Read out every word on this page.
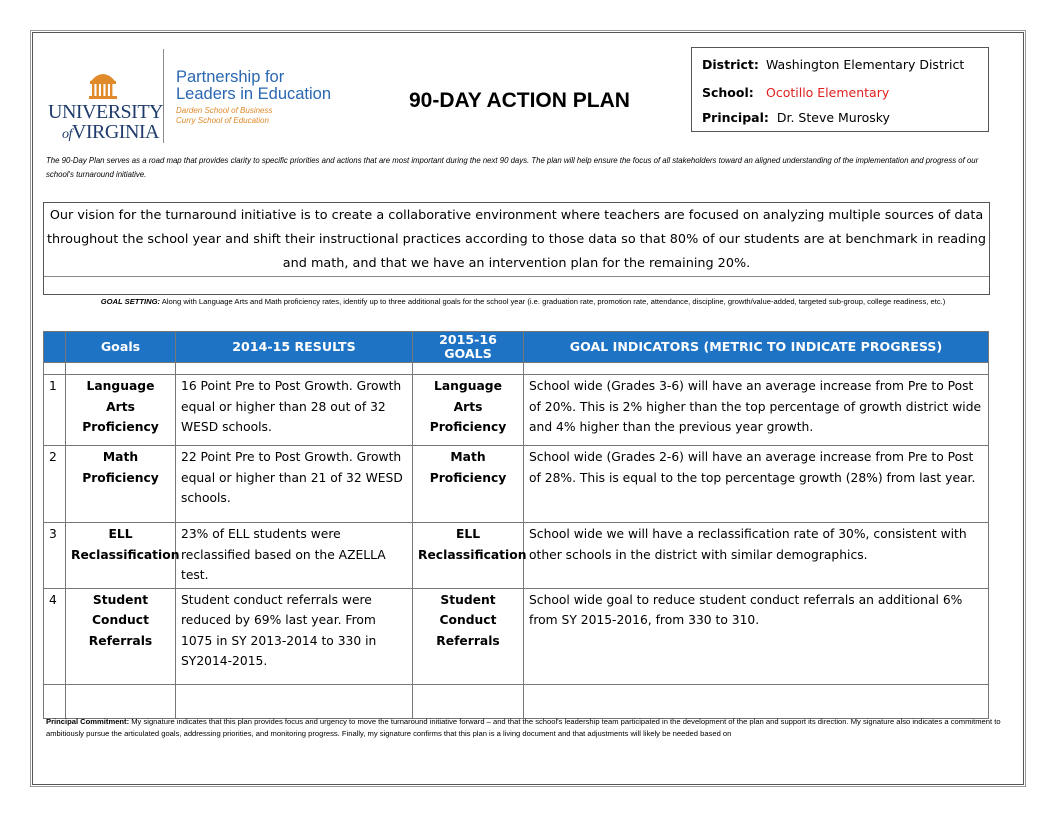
UNIVERSITY
ofVIRGINIA
Partnership for
Leaders in Education
Darden School of Business
Curry School of Education
90-DAY ACTION PLAN
District: Washington Elementary District
School: Ocotillo Elementary
Principal: Dr. Steve Murosky
The 90-Day Plan serves as a road map that provides clarity to specific priorities and actions that are most important during the next 90 days. The plan will help ensure the focus of all stakeholders toward an aligned understanding of the implementation and progress of our school's turnaround initiative.
Our vision for the turnaround initiative is to create a collaborative environment where teachers are focused on analyzing multiple sources of data throughout the school year and shift their instructional practices according to those data so that 80% of our students are at benchmark in reading and math, and that we have an intervention plan for the remaining 20%.
GOAL SETTING: Along with Language Arts and Math proficiency rates, identify up to three additional goals for the school year (i.e. graduation rate, promotion rate, attendance, discipline, growth/value-added, targeted sub-group, college readiness, etc.)
	Goals	2014-15 RESULTS	2015-16 GOALS	GOAL INDICATORS (METRIC TO INDICATE PROGRESS)

1	Language Arts Proficiency	16 Point Pre to Post Growth. Growth equal or higher than 28 out of 32 WESD schools.	Language Arts Proficiency	School wide (Grades 3-6) will have an average increase from Pre to Post of 20%. This is 2% higher than the top percentage of growth district wide and 4% higher than the previous year growth.
2	Math Proficiency	22 Point Pre to Post Growth. Growth equal or higher than 21 of 32 WESD schools.	Math Proficiency	School wide (Grades 2-6) will have an average increase from Pre to Post of 28%. This is equal to the top percentage growth (28%) from last year.
3	ELL Reclassification	23% of ELL students were reclassified based on the AZELLA test.	ELL Reclassification	School wide we will have a reclassification rate of 30%, consistent with other schools in the district with similar demographics.
4	Student Conduct Referrals	Student conduct referrals were reduced by 69% last year. From 1075 in SY 2013-2014 to 330 in SY2014-2015.	Student Conduct Referrals	School wide goal to reduce student conduct referrals an additional 6% from SY 2015-2016, from 330 to 310.

Principal Commitment: My signature indicates that this plan provides focus and urgency to move the turnaround initiative forward – and that the school's leadership team participated in the development of the plan and support its direction. My signature also indicates a commitment to ambitiously pursue the articulated goals, addressing priorities, and monitoring progress. Finally, my signature confirms that this plan is a living document and that adjustments will likely be needed based on
